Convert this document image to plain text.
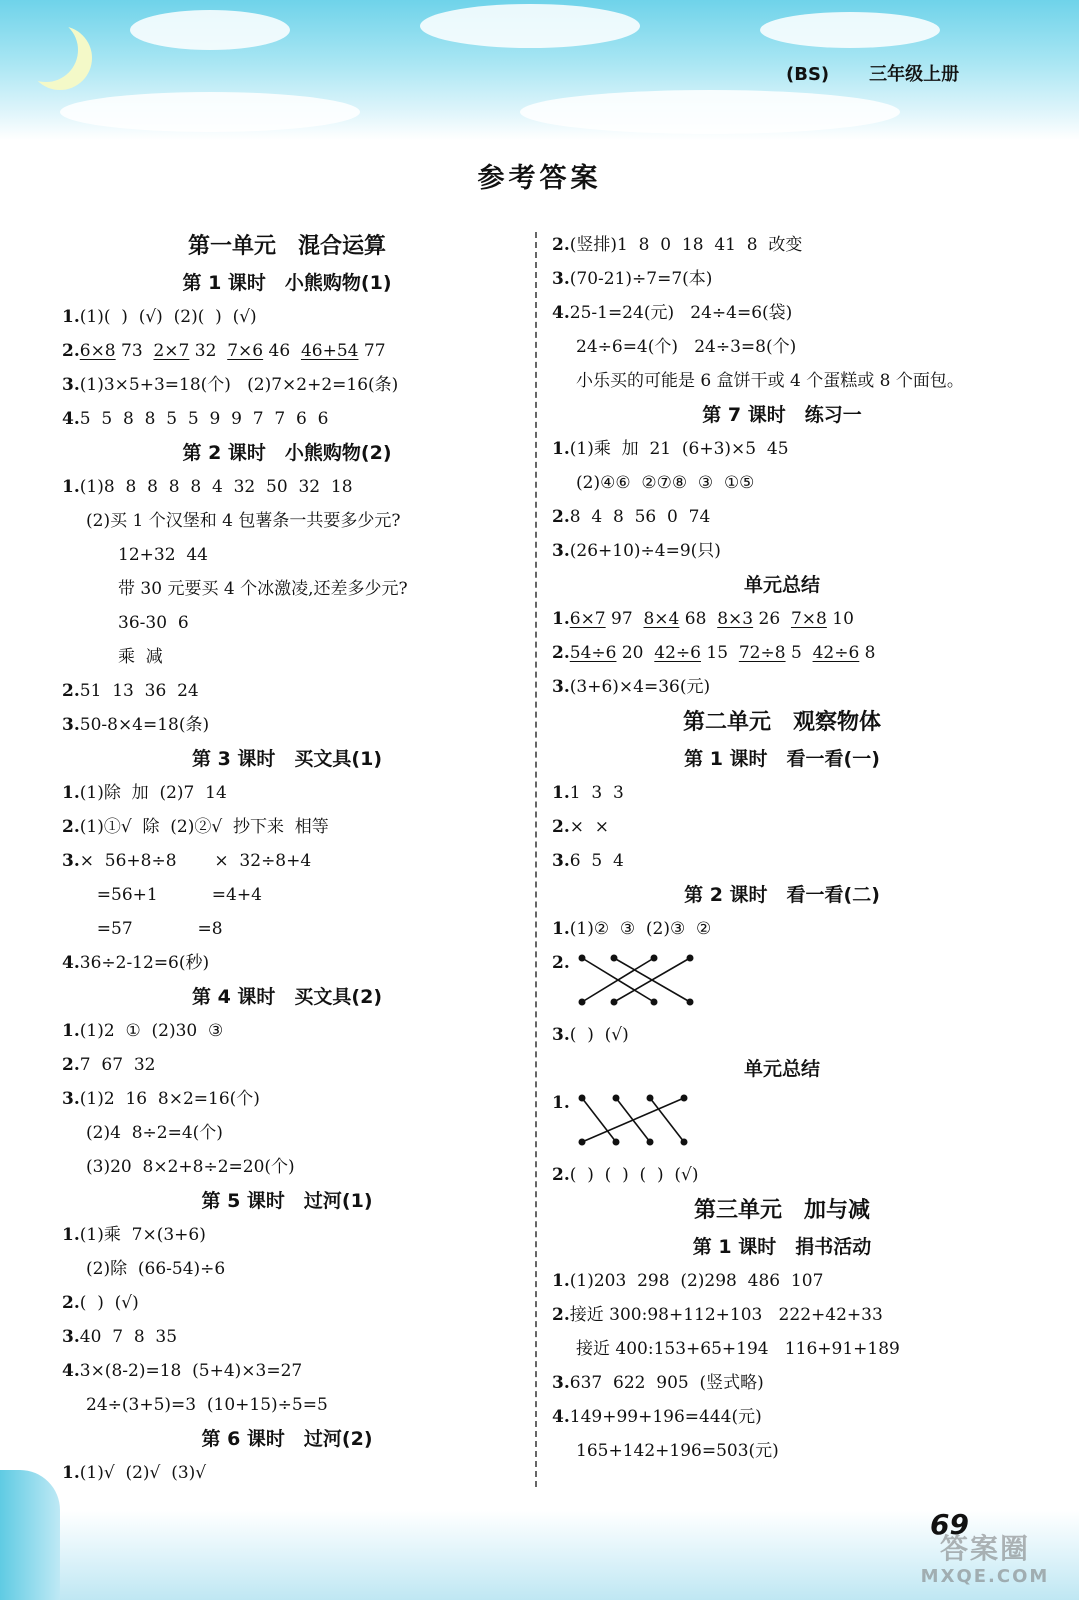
(BS) 三年级上册
参考答案
第一单元　混合运算
第 1 课时　小熊购物(1)
1.(1)(  )  (√)  (2)(  )  (√)
2.6×8 73  2×7 32  7×6 46  46+54 77
3.(1)3×5+3=18(个)   (2)7×2+2=16(条)
4.5  5  8  8  5  5  9  9  7  7  6  6
第 2 课时　小熊购物(2)
1.(1)8  8  8  8  8  4  32  50  32  18
(2)买 1 个汉堡和 4 包薯条一共要多少元?
12+32  44
带 30 元要买 4 个冰激凌,还差多少元?
36-30  6
乘  减
2.51  13  36  24
3.50-8×4=18(条)
第 3 课时　买文具(1)
1.(1)除  加  (2)7  14
2.(1)①√  除  (2)②√  抄下来  相等
3.×  56+8÷8       ×  32÷8+4
=56+1          =4+4
=57            =8
4.36÷2-12=6(秒)
第 4 课时　买文具(2)
1.(1)2  ①  (2)30  ③
2.7  67  32
3.(1)2  16  8×2=16(个)
(2)4  8÷2=4(个)
(3)20  8×2+8÷2=20(个)
第 5 课时　过河(1)
1.(1)乘  7×(3+6)
(2)除  (66-54)÷6
2.(  )  (√)
3.40  7  8  35
4.3×(8-2)=18  (5+4)×3=27
24÷(3+5)=3  (10+15)÷5=5
第 6 课时　过河(2)
1.(1)√  (2)√  (3)√
2.(竖排)1  8  0  18  41  8  改变
3.(70-21)÷7=7(本)
4.25-1=24(元)   24÷4=6(袋)
24÷6=4(个)   24÷3=8(个)
小乐买的可能是 6 盒饼干或 4 个蛋糕或 8 个面包。
第 7 课时　练习一
1.(1)乘  加  21  (6+3)×5  45
(2)④⑥  ②⑦⑧  ③  ①⑤
2.8  4  8  56  0  74
3.(26+10)÷4=9(只)
单元总结
1.6×7 97  8×4 68  8×3 26  7×8 10
2.54÷6 20  42÷6 15  72÷8 5  42÷6 8
3.(3+6)×4=36(元)
第二单元　观察物体
第 1 课时　看一看(一)
1.1  3  3
2.×  ×
3.6  5  4
第 2 课时　看一看(二)
1.(1)②  ③  (2)③  ②
2.
3.(  )  (√)
单元总结
1.
2.(  )  (  )  (  )  (√)
第三单元　加与减
第 1 课时　捐书活动
1.(1)203  298  (2)298  486  107
2.接近 300:98+112+103   222+42+33
接近 400:153+65+194   116+91+189
3.637  622  905  (竖式略)
4.149+99+196=444(元)
165+142+196=503(元)
69
答案圈
MXQE.COM
